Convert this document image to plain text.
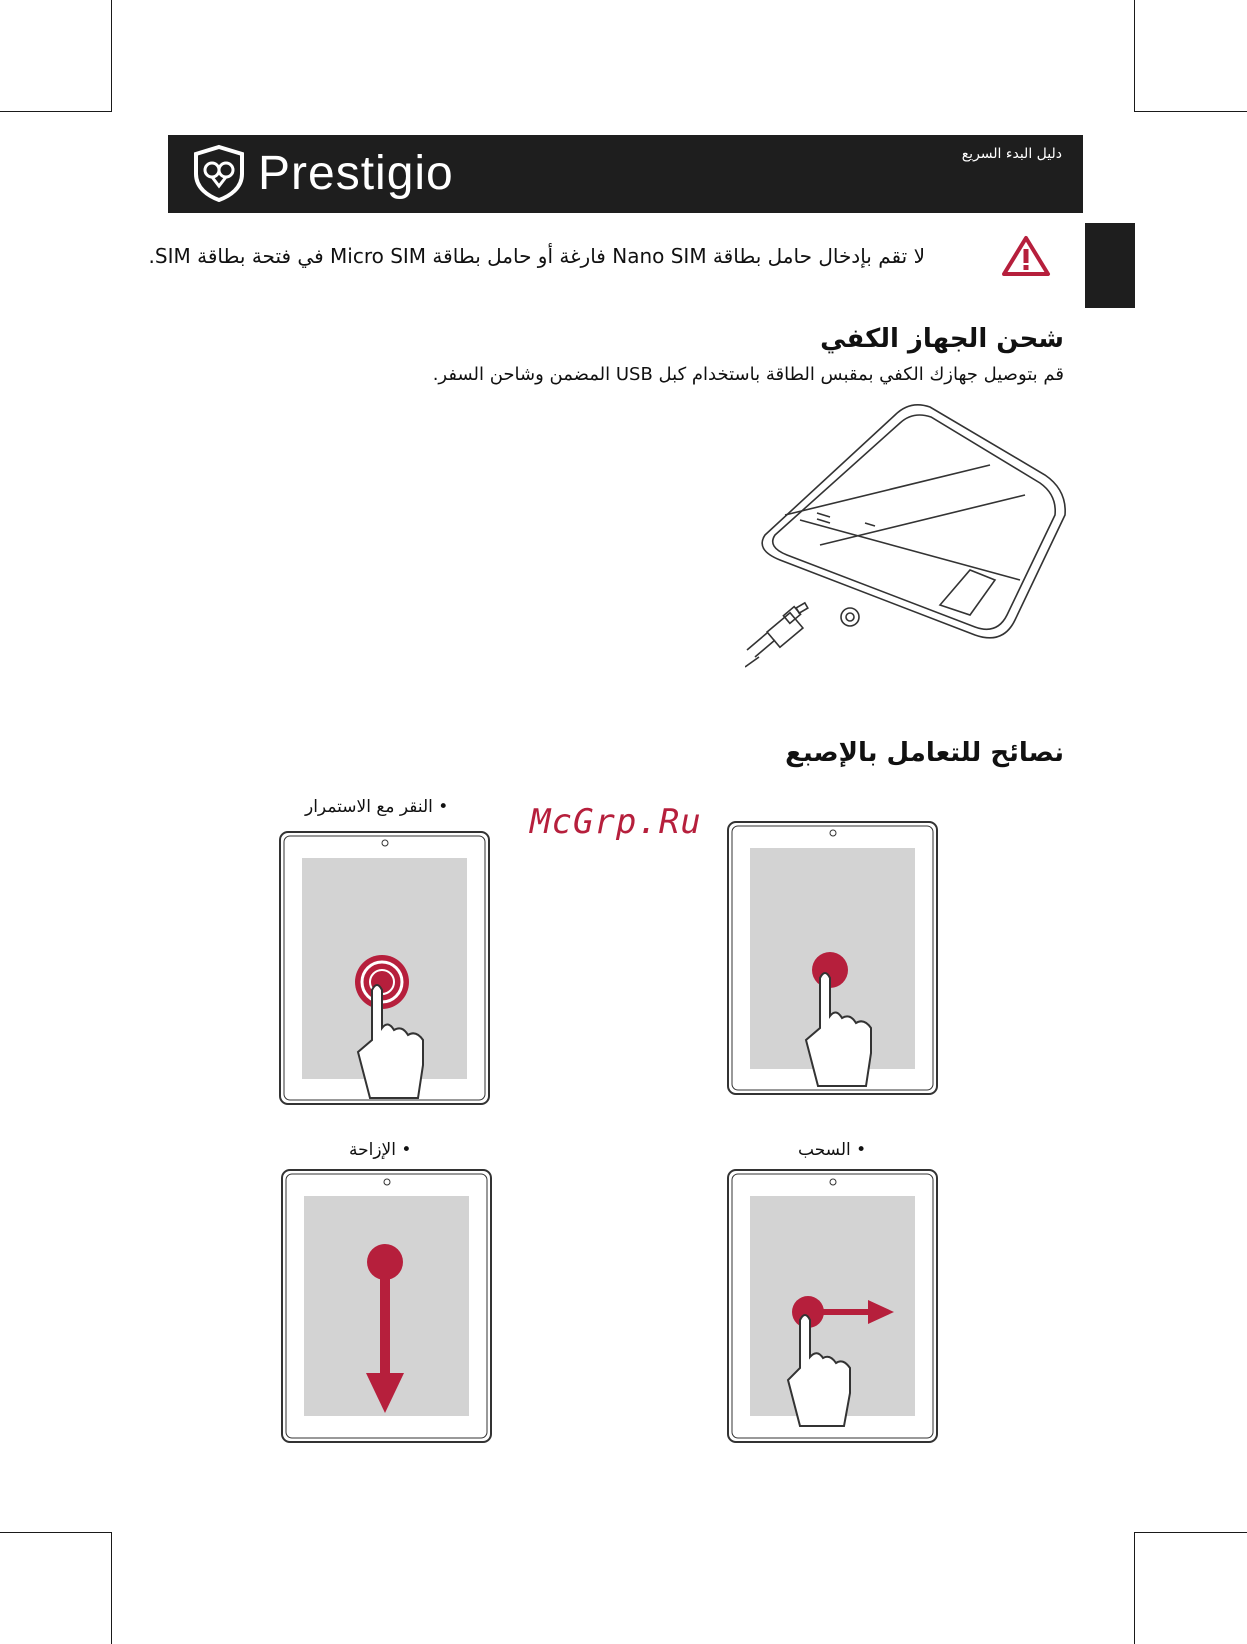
Prestigio	دليل البدء السريع
لا تقم بإدخال حامل بطاقة Nano SIM فارغة أو حامل بطاقة Micro SIM في فتحة بطاقة SIM.
شحن الجهاز الكفي
قم بتوصيل جهازك الكفي بمقبس الطاقة باستخدام كبل USB المضمن وشاحن السفر.
نصائح للتعامل بالإصبع
• النقر مع الاستمرار McGrp.Ru
• الإزاحة	• السحب
